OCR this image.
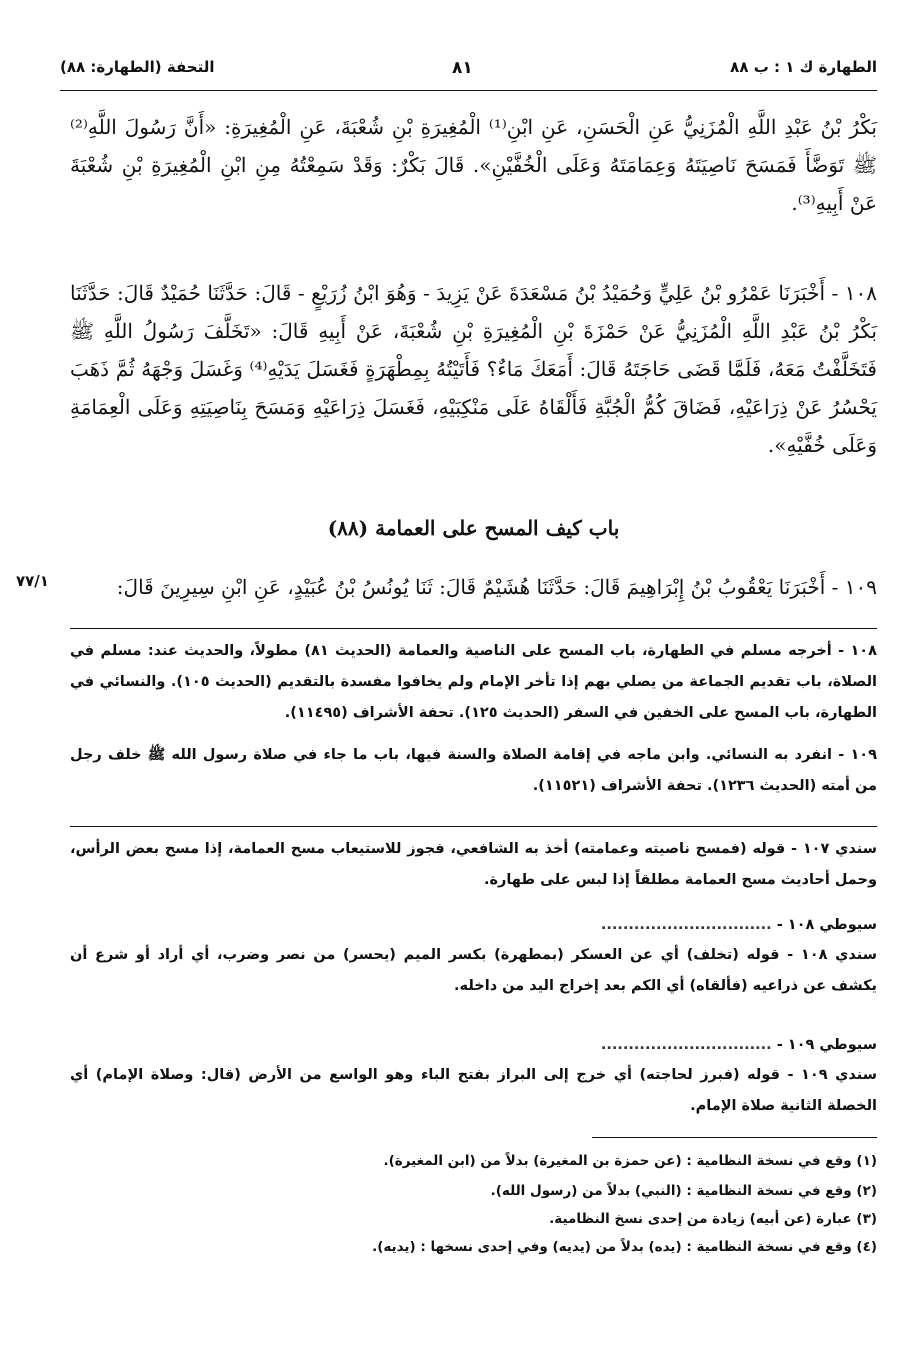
الطهارة ك ١ : ب ٨٨
٨١
التحفة (الطهارة: ٨٨)
بَكْرُ بْنُ عَبْدِ اللَّهِ الْمُزَنِيُّ عَنِ الْحَسَنِ، عَنِ ابْنِ⁽¹⁾ الْمُغِيرَةِ بْنِ شُعْبَةَ، عَنِ الْمُغِيرَةِ: «أَنَّ رَسُولَ اللَّهِ⁽²⁾ ﷺ تَوَضَّأَ فَمَسَحَ نَاصِيَتَهُ وَعِمَامَتَهُ وَعَلَى الْخُفَّيْنِ». قَالَ بَكْرٌ: وَقَدْ سَمِعْتُهُ مِنِ ابْنِ الْمُغِيرَةِ بْنِ شُعْبَةَ عَنْ أَبِيهِ⁽³⁾.
١٠٨ - أَخْبَرَنَا عَمْرُو بْنُ عَلِيٍّ وَحُمَيْدُ بْنُ مَسْعَدَةَ عَنْ يَزِيدَ - وَهُوَ ابْنُ زُرَيْعٍ - قَالَ: حَدَّثَنَا حُمَيْدٌ قَالَ: حَدَّثَنَا بَكْرُ بْنُ عَبْدِ اللَّهِ الْمُزَنِيُّ عَنْ حَمْزَةَ بْنِ الْمُغِيرَةِ بْنِ شُعْبَةَ، عَنْ أَبِيهِ قَالَ: «تَخَلَّفَ رَسُولُ اللَّهِ ﷺ فَتَخَلَّفْتُ مَعَهُ، فَلَمَّا قَضَى حَاجَتَهُ قَالَ: أَمَعَكَ مَاءٌ؟ فَأَتَيْتُهُ بِمِطْهَرَةٍ فَغَسَلَ يَدَيْهِ⁽⁴⁾ وَغَسَلَ وَجْهَهُ ثُمَّ ذَهَبَ يَحْسُرُ عَنْ ذِرَاعَيْهِ، فَضَاقَ كُمُّ الْجُبَّةِ فَأَلْقَاهُ عَلَى مَنْكِبَيْهِ، فَغَسَلَ ذِرَاعَيْهِ وَمَسَحَ بِنَاصِيَتِهِ وَعَلَى الْعِمَامَةِ وَعَلَى خُفَّيْهِ».
(٨٨) باب كيف المسح على العمامة
١٠٩ - أَخْبَرَنَا يَعْقُوبُ بْنُ إِبْرَاهِيمَ قَالَ: حَدَّثَنَا هُشَيْمٌ قَالَ: ثَنَا يُونُسُ بْنُ عُبَيْدٍ، عَنِ ابْنِ سِيرِينَ قَالَ:
٧٧/١
١٠٨ - أخرجه مسلم في الطهارة، باب المسح على الناصية والعمامة (الحديث ٨١) مطولاً، والحديث عند: مسلم في الصلاة، باب تقديم الجماعة من يصلي بهم إذا تأخر الإمام ولم يخافوا مفسدة بالتقديم (الحديث ١٠٥). والنسائي في الطهارة، باب المسح على الخفين في السفر (الحديث ١٢٥). تحفة الأشراف (١١٤٩٥).
١٠٩ - انفرد به النسائي. وابن ماجه في إقامة الصلاة والسنة فيها، باب ما جاء في صلاة رسول الله ﷺ خلف رجل من أمته (الحديث ١٢٣٦). تحفة الأشراف (١١٥٢١).
سندي ١٠٧ - قوله (فمسح ناصيته وعمامته) أخذ به الشافعي، فجوز للاستيعاب مسح العمامة، إذا مسح بعض الرأس، وحمل أحاديث مسح العمامة مطلقاً إذا لبس على طهارة.
سيوطي ١٠٨ - ...............................
سندي ١٠٨ - قوله (تخلف) أي عن العسكر (بمطهرة) بكسر الميم (يحسر) من نصر وضرب، أي أراد أو شرع أن يكشف عن ذراعيه (فألقاه) أي الكم بعد إخراج اليد من داخله.
سيوطي ١٠٩ - ...............................
سندي ١٠٩ - قوله (فبرز لحاجته) أي خرج إلى البراز بفتح الباء وهو الواسع من الأرض (قال: وصلاة الإمام) أي الخصلة الثانية صلاة الإمام.
(١) وقع في نسخة النظامية : (عن حمزة بن المغيرة) بدلاً من (ابن المغيرة).
(٢) وقع في نسخة النظامية : (النبي) بدلاً من (رسول الله).
(٣) عبارة (عن أبيه) زيادة من إحدى نسخ النظامية.
(٤) وقع في نسخة النظامية : (يده) بدلاً من (يديه) وفي إحدى نسخها : (يديه).
